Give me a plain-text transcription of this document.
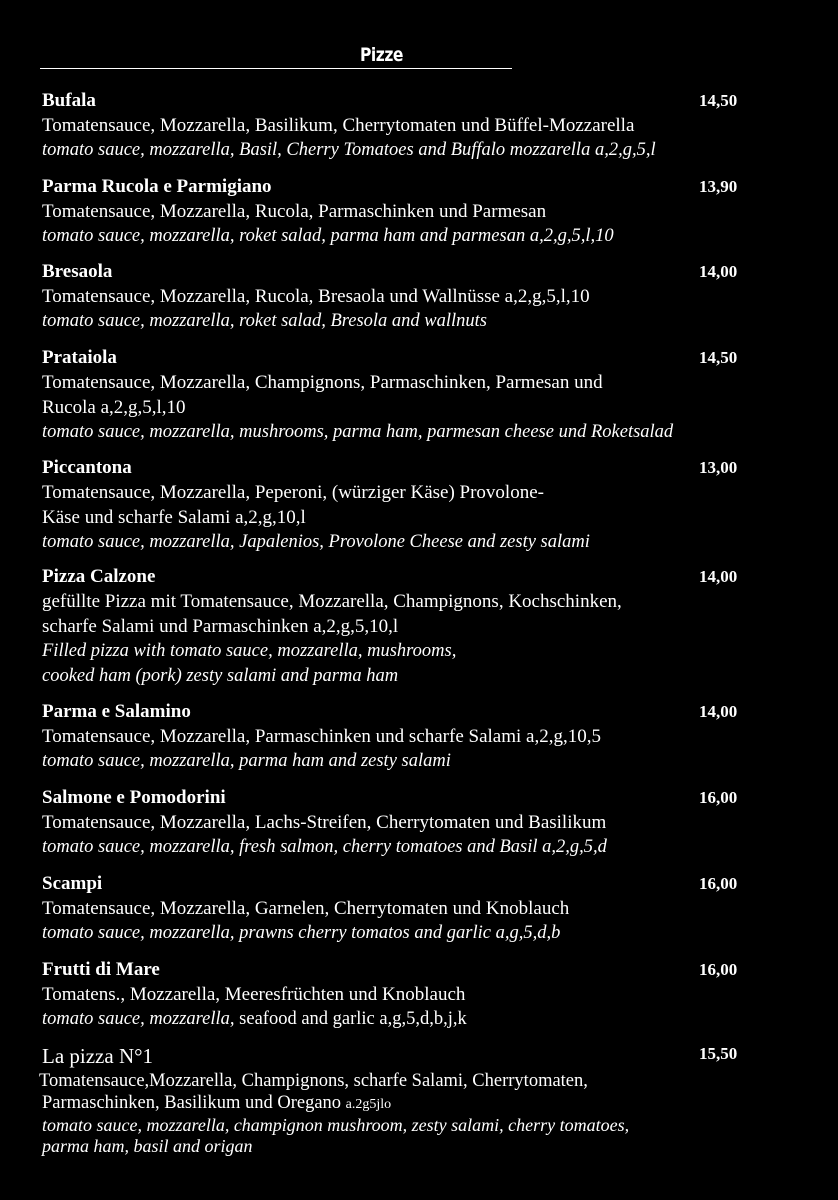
Pizze
Bufala	14,50
Tomatensauce, Mozzarella, Basilikum, Cherrytomaten und Büffel-Mozzarella
tomato sauce, mozzarella, Basil, Cherry Tomatoes and Buffalo mozzarella a,2,g,5,l
Parma Rucola e Parmigiano	13,90
Tomatensauce, Mozzarella, Rucola, Parmaschinken und Parmesan
tomato sauce, mozzarella, roket salad, parma ham and parmesan a,2,g,5,l,10
Bresaola	14,00
Tomatensauce, Mozzarella, Rucola, Bresaola und Wallnüsse a,2,g,5,l,10
tomato sauce, mozzarella, roket salad, Bresola and wallnuts
Prataiola	14,50
Tomatensauce, Mozzarella, Champignons, Parmaschinken, Parmesan und
Rucola a,2,g,5,l,10
tomato sauce, mozzarella, mushrooms, parma ham, parmesan cheese und Roketsalad
Piccantona	13,00
Tomatensauce, Mozzarella, Peperoni, (würziger Käse) Provolone-
Käse und scharfe Salami a,2,g,10,l
tomato sauce, mozzarella, Japalenios, Provolone Cheese and zesty salami
Pizza Calzone	14,00
gefüllte Pizza mit Tomatensauce, Mozzarella, Champignons, Kochschinken,
scharfe Salami und Parmaschinken a,2,g,5,10,l
Filled pizza with tomato sauce, mozzarella, mushrooms,
cooked ham (pork) zesty salami and parma ham
Parma e Salamino	14,00
Tomatensauce, Mozzarella, Parmaschinken und scharfe Salami a,2,g,10,5
tomato sauce, mozzarella, parma ham and zesty salami
Salmone e Pomodorini	16,00
Tomatensauce, Mozzarella, Lachs-Streifen, Cherrytomaten und Basilikum
tomato sauce, mozzarella, fresh salmon, cherry tomatoes and Basil a,2,g,5,d
Scampi	16,00
Tomatensauce, Mozzarella, Garnelen, Cherrytomaten und Knoblauch
tomato sauce, mozzarella, prawns cherry tomatos and garlic a,g,5,d,b
Frutti di Mare	16,00
Tomatens., Mozzarella, Meeresfrüchten und Knoblauch
tomato sauce, mozzarella, seafood and garlic a,g,5,d,b,j,k
La pizza N°1	15,50
Tomatensauce,Mozzarella, Champignons, scharfe Salami, Cherrytomaten,
Parmaschinken, Basilikum und Oregano a.2g5jlo
tomato sauce, mozzarella, champignon mushroom, zesty salami, cherry tomatoes,
parma ham, basil and origan
